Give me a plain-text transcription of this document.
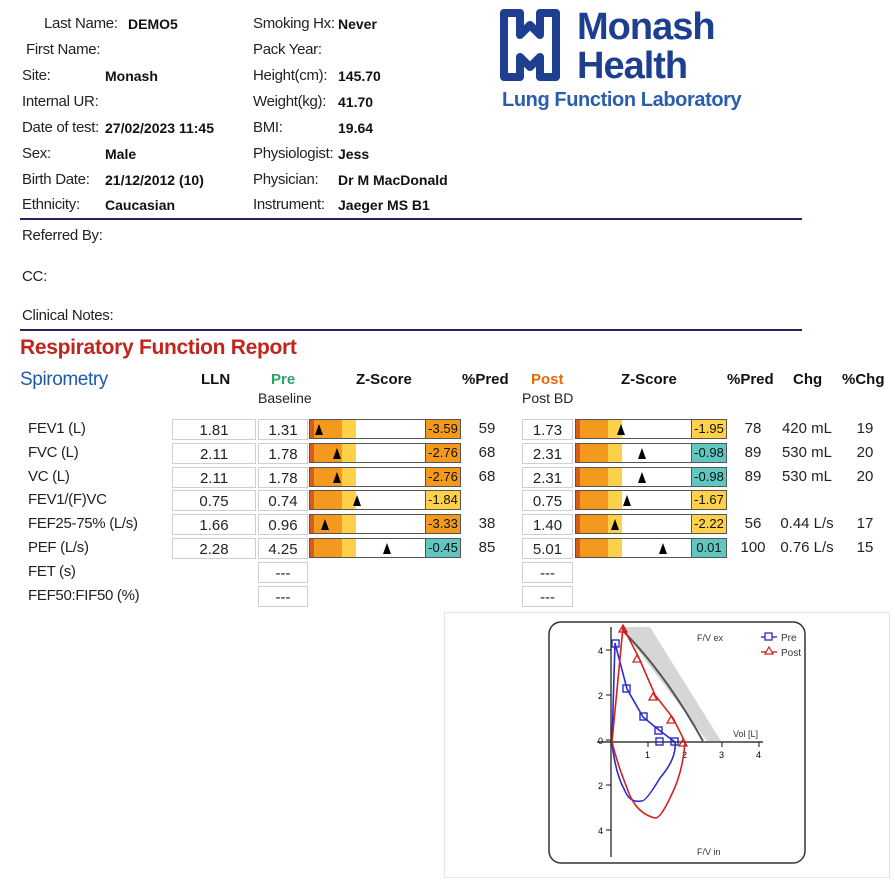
Last Name: DEMO5
First Name:
Site:	Monash
Internal UR:
Date of test: 27/02/2023 11:45
Sex:	Male
Birth Date: 21/12/2012 (10)
Ethnicity: Caucasian
Smoking Hx: Never
Pack Year:
Height(cm): 145.70
Weight(kg): 41.70
BMI:	19.64
Physiologist: Jess
Physician: Dr M MacDonald
Instrument: Jaeger MS B1
Monash
Health
Lung Function Laboratory
Referred By:
CC:
Clinical Notes:
Respiratory Function Report
Spirometry	LLN	Pre
Baseline
Z-Score	%Pred Post
Post BD
Z-Score	%Pred Chg %Chg
FEV1 (L)	1.81	1.31	-3.59	59	1.73	-1.95	78	420 mL	19
FVC (L)	2.11	1.78	-2.76	68	2.31	-0.98	89	530 mL	20
VC (L)	2.11	1.78	-2.76	68	2.31	-0.98	89	530 mL	20
FEV1/(F)VC	0.75	0.74	-1.84	0.75	-1.67
FEF25-75% (L/s)	1.66	0.96	-3.33	38	1.40	-2.22	56	0.44 L/s	17
PEF (L/s)	2.28	4.25	-0.45	85	5.01	0.01	100 0.76 L/s	15
FET (s)	---	---
FEF50:FIF50 (%)	---	---
1	2	3	4
4
2
0
2
4
Pre
Post
F/V ex
F/V in
Vol [L]
